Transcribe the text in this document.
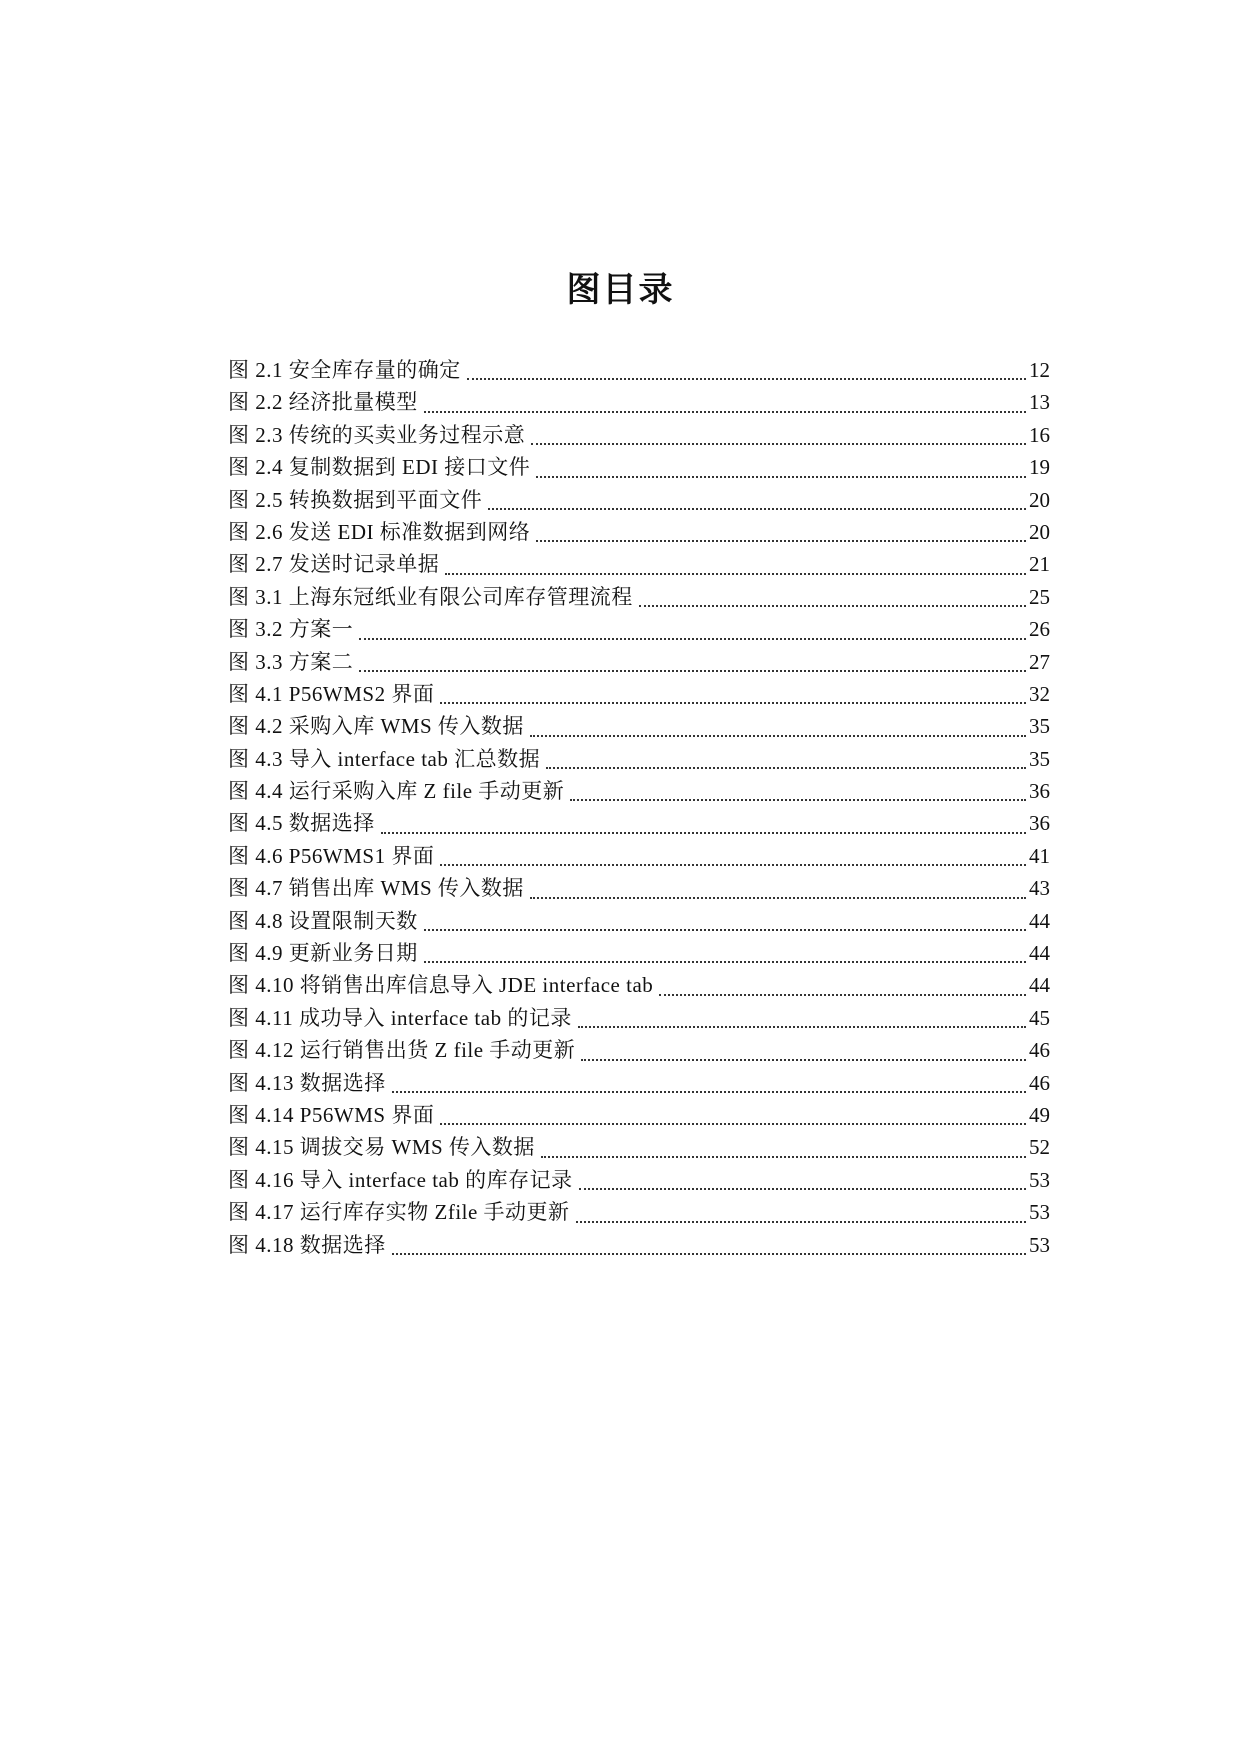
图目录
图 2.1 安全库存量的确定	12
图 2.2 经济批量模型	13
图 2.3 传统的买卖业务过程示意	16
图 2.4 复制数据到 EDI 接口文件	19
图 2.5 转换数据到平面文件	20
图 2.6 发送 EDI 标准数据到网络	20
图 2.7 发送时记录单据	21
图 3.1 上海东冠纸业有限公司库存管理流程	25
图 3.2 方案一	26
图 3.3 方案二	27
图 4.1 P56WMS2 界面	32
图 4.2 采购入库 WMS 传入数据	35
图 4.3 导入 interface tab 汇总数据	35
图 4.4 运行采购入库 Z file 手动更新	36
图 4.5 数据选择	36
图 4.6 P56WMS1 界面	41
图 4.7 销售出库 WMS 传入数据	43
图 4.8 设置限制天数	44
图 4.9 更新业务日期	44
图 4.10 将销售出库信息导入 JDE interface tab	44
图 4.11 成功导入 interface tab 的记录	45
图 4.12 运行销售出货 Z file 手动更新	46
图 4.13 数据选择	46
图 4.14 P56WMS 界面	49
图 4.15 调拔交易 WMS 传入数据	52
图 4.16 导入 interface tab 的库存记录	53
图 4.17 运行库存实物 Zfile 手动更新	53
图 4.18 数据选择	53
